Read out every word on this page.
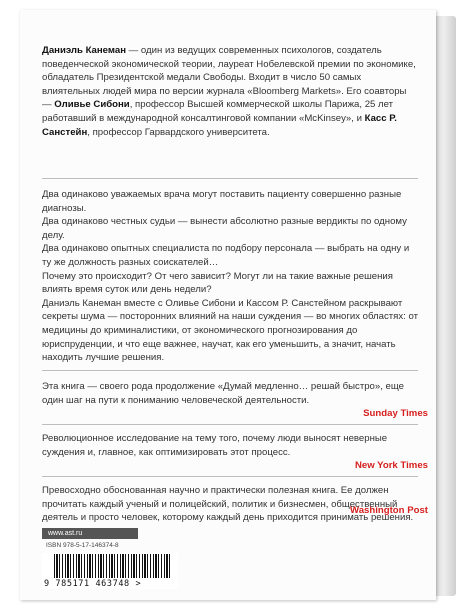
Даниэль Канеман — один из ведущих современных психологов, создатель поведенческой экономической теории, лауреат Нобелевской премии по экономике, обладатель Президентской медали Свободы. Входит в число 50 самых влиятельных людей мира по версии журнала «Bloomberg Markets». Его соавторы — Оливье Сибони, профессор Высшей коммерческой школы Парижа, 25 лет работавший в международной консалтинговой компании «McKinsey», и Касс Р. Санстейн, профессор Гарвардского университета.

Два одинаково уважаемых врача могут поставить пациенту совершенно разные диагнозы.

Два одинаково честных судьи — вынести абсолютно разные вердикты по одному делу.

Два одинаково опытных специалиста по подбору персонала — выбрать на одну и ту же должность разных соискателей…

Почему это происходит? От чего зависит? Могут ли на такие важные решения влиять время суток или день недели?

Даниэль Канеман вместе с Оливье Сибони и Кассом Р. Санстейном раскрывают секреты шума — посторонних влияний на наши суждения — во многих областях: от медицины до криминалистики, от экономического прогнозирования до юриспруденции, и что еще важнее, научат, как его уменьшить, а значит, начать находить лучшие решения.

Эта книга — своего рода продолжение «Думай медленно… решай быстро», еще один шаг на пути к пониманию человеческой деятельности.
Sunday Times
Революционное исследование на тему того, почему люди выносят неверные суждения и, главное, как оптимизировать этот процесс.
New York Times
Превосходно обоснованная научно и практически полезная книга. Ее должен прочитать каждый ученый и полицейский, политик и бизнесмен, общественный деятель и просто человек, которому каждый день приходится принимать решения.
Washington Post
www.ast.ru
ISBN 978-5-17-146374-8
9 785171 463748 >
